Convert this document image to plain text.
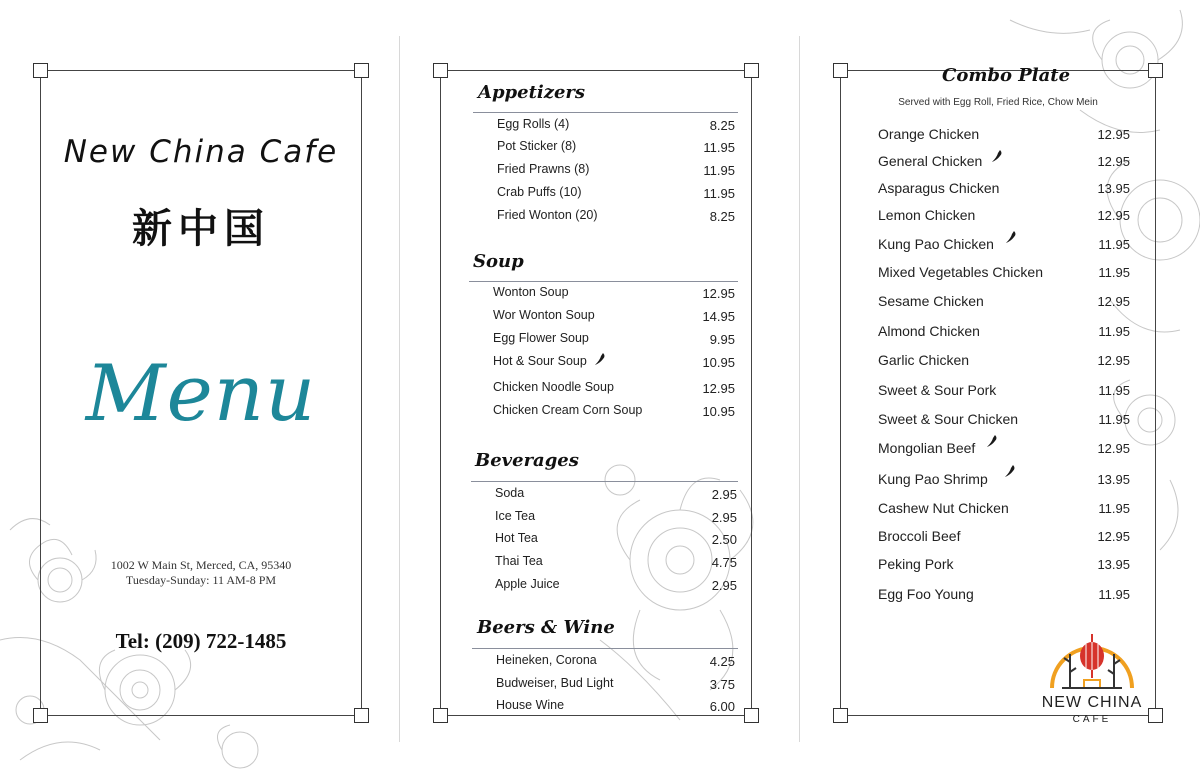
New China Cafe
新中国
Menu
1002 W Main St, Merced, CA, 95340
Tuesday-Sunday: 11 AM-8 PM
Tel: (209) 722-1485
Appetizers
Egg Rolls (4)	8.25
Pot Sticker (8)	11.95
Fried Prawns (8)	11.95
Crab Puffs (10)	11.95
Fried Wonton (20)	8.25
Soup
Wonton Soup	12.95
Wor Wonton Soup	14.95
Egg Flower Soup	9.95
Hot & Sour Soup	10.95
Chicken Noodle Soup	12.95
Chicken Cream Corn Soup	10.95
Beverages
Soda	2.95
Ice Tea	2.95
Hot Tea	2.50
Thai Tea	4.75
Apple Juice	2.95
Beers & Wine
Heineken, Corona	4.25
Budweiser, Bud Light	3.75
House Wine	6.00
Combo Plate
Served with Egg Roll, Fried Rice, Chow Mein
Orange Chicken	12.95
General Chicken	12.95
Asparagus Chicken	13.95
Lemon Chicken	12.95
Kung Pao Chicken	11.95
Mixed Vegetables Chicken	11.95
Sesame Chicken	12.95
Almond Chicken	11.95
Garlic Chicken	12.95
Sweet & Sour Pork	11.95
Sweet & Sour Chicken	11.95
Mongolian Beef	12.95
Kung Pao Shrimp	13.95
Cashew Nut Chicken	11.95
Broccoli Beef	12.95
Peking Pork	13.95
Egg Foo Young	11.95
NEW CHINA
CAFE
